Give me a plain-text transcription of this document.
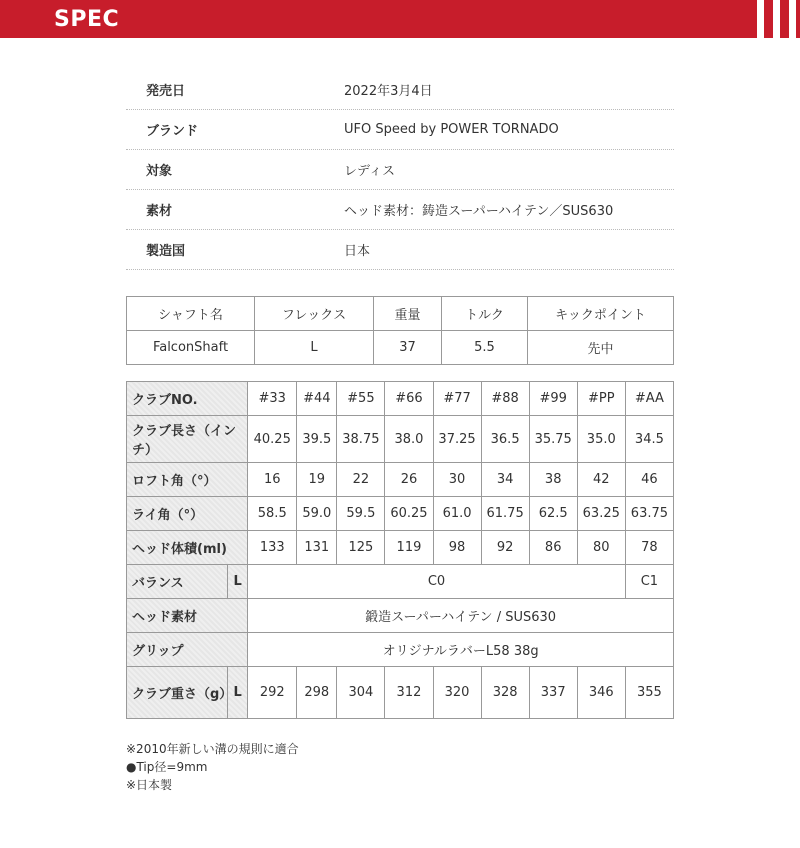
SPEC
発売日	2022年3月4日
ブランド	UFO Speed by POWER TORNADO
対象	レディス
素材	ヘッド素材：鋳造スーパーハイテン／SUS630
製造国	日本
シャフト名	フレックス	重量	トルク	キックポイント
FalconShaft	L	37	5.5	先中
クラブNO.		#33	#44	#55	#66	#77	#88	#99	#PP	#AA
クラブ長さ（インチ）		40.25	39.5	38.75	38.0	37.25	36.5	35.75	35.0	34.5
ロフト角（°）		16	19	22	26	30	34	38	42	46
ライ角（°）		58.5	59.0	59.5	60.25	61.0	61.75	62.5	63.25	63.75
ヘッド体積(ml)		133	131	125	119	98	92	86	80	78
バランス	L	C0								C1
ヘッド素材		鍛造スーパーハイテン / SUS630								
グリップ		オリジナルラバーL58 38g								
クラブ重さ（g）	L	292	298	304	312	320	328	337	346	355
※2010年新しい溝の規則に適合
●Tip径=9mm
※日本製
